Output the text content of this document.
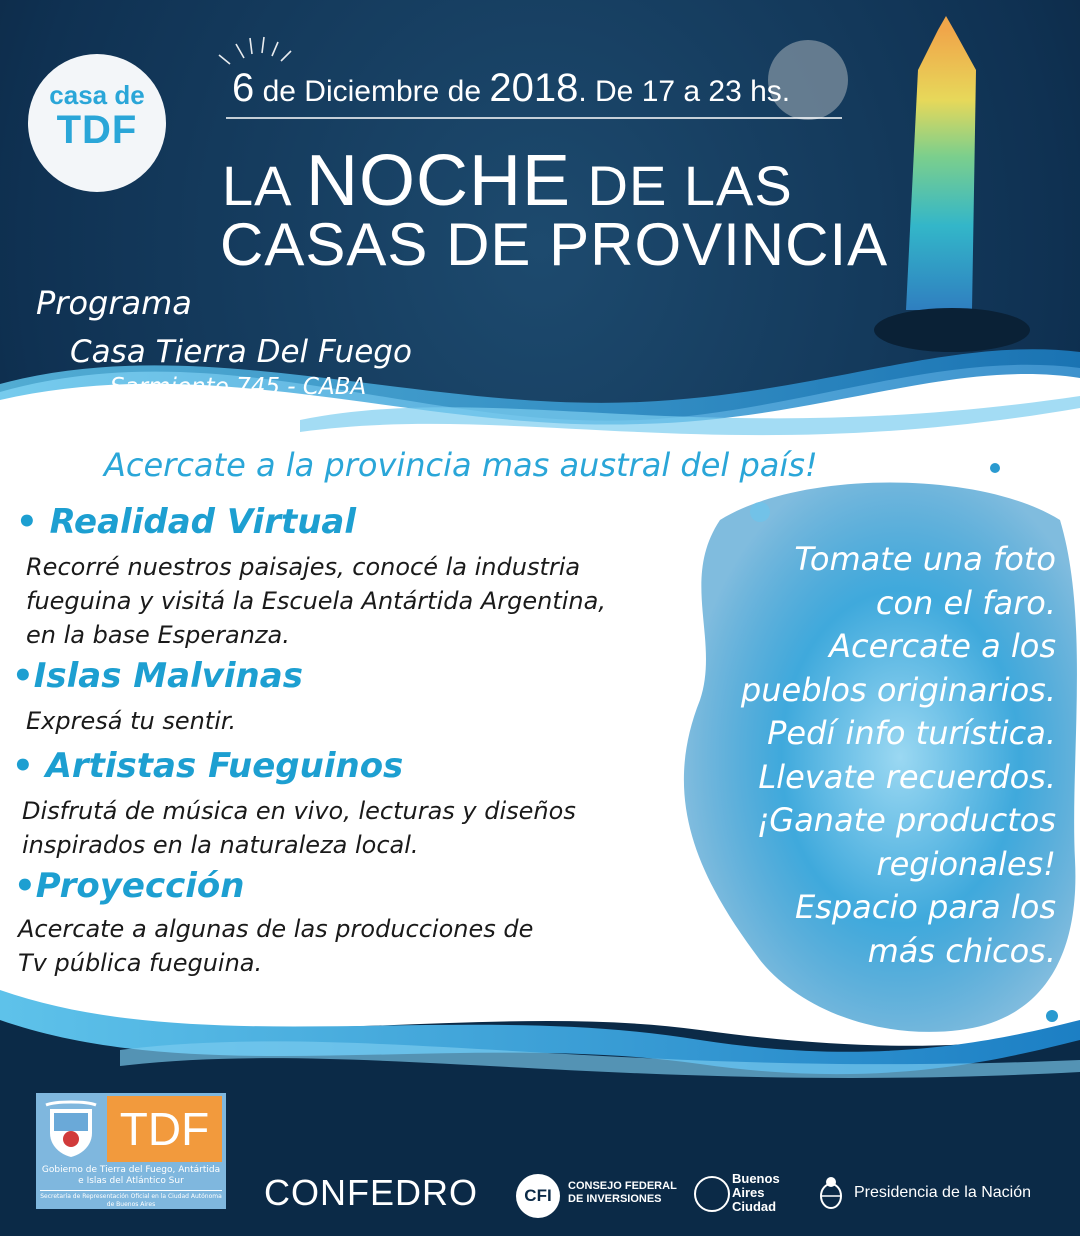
casa de
TDF
6 de Diciembre de 2018. De 17 a 23 hs.
LA NOCHE DE LAS
CASAS DE PROVINCIA
Programa
Casa Tierra Del Fuego
Sarmiento 745 - CABA
Acercate a la provincia mas austral del país!
• Realidad Virtual
Recorré nuestros paisajes, conocé la industria
fueguina y visitá la Escuela Antártida Argentina,
en la base Esperanza.
•Islas Malvinas
Expresá tu sentir.
• Artistas Fueguinos
Disfrutá de música en vivo, lecturas y diseños
inspirados en la naturaleza local.
•Proyección
Acercate a algunas de las producciones de
Tv pública fueguina.
Tomate una foto
con el faro.
Acercate a los
pueblos originarios.
Pedí info turística.
Llevate recuerdos.
¡Ganate productos
regionales!
Espacio para los
más chicos.
TDF
Gobierno de Tierra del Fuego, Antártida e Islas del Atlántico Sur
Secretaría de Representación Oficial en la Ciudad Autónoma de Buenos Aires	CONFEDRO	CFI	CONSEJO FEDERAL
DE INVERSIONES
Buenos
Aires
Ciudad
Presidencia de la Nación
